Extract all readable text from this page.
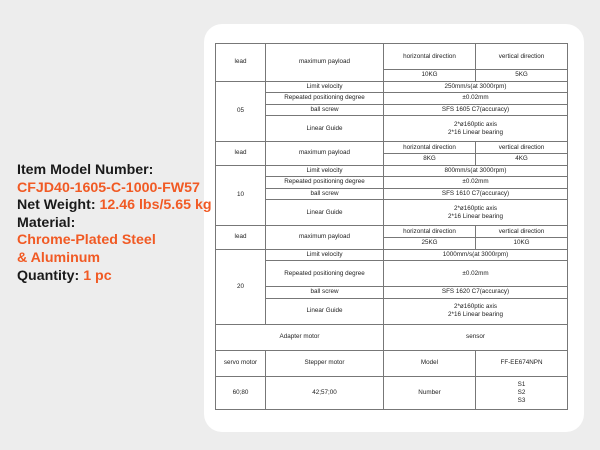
Item Model Number:
CFJD40-1605-C-1000-FW57
Net Weight: 12.46 lbs/5.65 kg
Material:
Chrome-Plated Steel
& Aluminum
Quantity: 1 pc
lead	maximum payload	horizontal direction	vertical direction
		10KG	5KG
05	Limit velocity	250mm/s(at 3000rpm)	
	Repeated positioning degree	±0.02mm	
	ball screw	SFS 1605 C7(accuracy)	
	Linear Guide	2*ø160ptic axis
2*16 Linear bearing	

lead	maximum payload	horizontal direction	vertical direction
		8KG	4KG
10	Limit velocity	800mm/s(at 3000rpm)	
	Repeated positioning degree	±0.02mm	
	ball screw	SFS 1610 C7(accuracy)	
	Linear Guide	2*ø160ptic axis
2*16 Linear bearing	

lead	maximum payload	horizontal direction	vertical direction
		25KG	10KG
20	Limit velocity	1000mm/s(at 3000rpm)	
	Repeated positioning degree	±0.02mm	
	ball screw	SFS 1620 C7(accuracy)	
	Linear Guide	2*ø160ptic axis
2*16 Linear bearing	

Adapter motor		sensor	
servo motor	Stepper motor	Model	FF-EE674NPN
60;80	42;57;00	Number	S1
S2
S3
